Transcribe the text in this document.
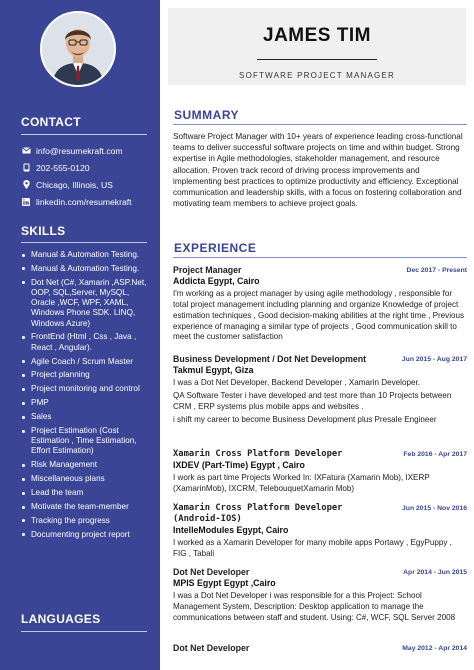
CONTACT
info@resumekraft.com
202-555-0120
Chicago, Illinois, US
linkedin.com/resumekraft
SKILLS
Manual & Automation Testing.
Manual & Automation Testing.
Dot Net (C#, Xamarin ,ASP.Net, OOP, SQL,Server, MySQL, Oracle ,WCF, WPF, XAML, Windows Phone SDK. LINQ, Windows Azure)
FrontEnd (Html , Css , Java , React , Angular).
Agile Coach / Scrum Master
Project planning
Project monitoring and control
PMP
Sales
Project Estimation (Cost Estimation , Time Estimation, Effort Estimation)
Risk Management
Miscellaneous plans
Lead the team
Motivate the team-member
Tracking the progress
Documenting project report
LANGUAGES
JAMES TIM
SOFTWARE PROJECT MANAGER
SUMMARY
Software Project Manager with 10+ years of experience leading cross-functional teams to deliver successful software projects on time and within budget. Strong expertise in Agile methodologies, stakeholder management, and resource allocation. Proven track record of driving process improvements and implementing best practices to optimize productivity and efficiency. Exceptional communication and leadership skills, with a focus on fostering collaboration and motivating team members to achieve project goals.
EXPERIENCE
Project Manager	Dec 2017 - Present
Addicta Egypt, Cairo

I'm working as a project manager by using agile methodology , responsible for total project management including planning and organize Knowledge of project estimation techniques , Good decision-making abilities at the right time , Previous experience of managing a similar type of projects , Good communication skill to meet the customer satisfaction

Business Development / Dot Net Development	Jun 2015 - Aug 2017
Takmul Egypt, Giza

I was a Dot Net Developer, Backend Developer , Xamarin Developer.

QA Software Tester i have developed and test more than 10 Projects between CRM , ERP systems plus mobile apps and websites .

i shift my career to become Business Development plus Presale Engineer

Xamarin Cross Platform Developer	Feb 2016 - Apr 2017
IXDEV (Part-Time) Egypt , Cairo

I work as part time Projects Worked In: IXFatura (Xamarin Mob), IXERP (XamarinMob), IXCRM, TelebouquetXamarin Mob)

Xamarin Cross Platform Developer (Android-IOS)
Jun 2015 - Nov 2016
IntelleModules Egypt, Cairo

I worked as a Xamarin Developer for many mobile apps Portawy , EgyPuppy , FIG , Tabali

Dot Net Developer	Apr 2014 - Jun 2015
MPIS Egypt Egypt ,Cairo

I was a Dot Net Developer i was responsible for a this Project: School Management System, Description: Desktop application to manage the communications between staff and student. Using: C#, WCF, SQL Server 2008

Dot Net Developer	May 2012 - Apr 2014
